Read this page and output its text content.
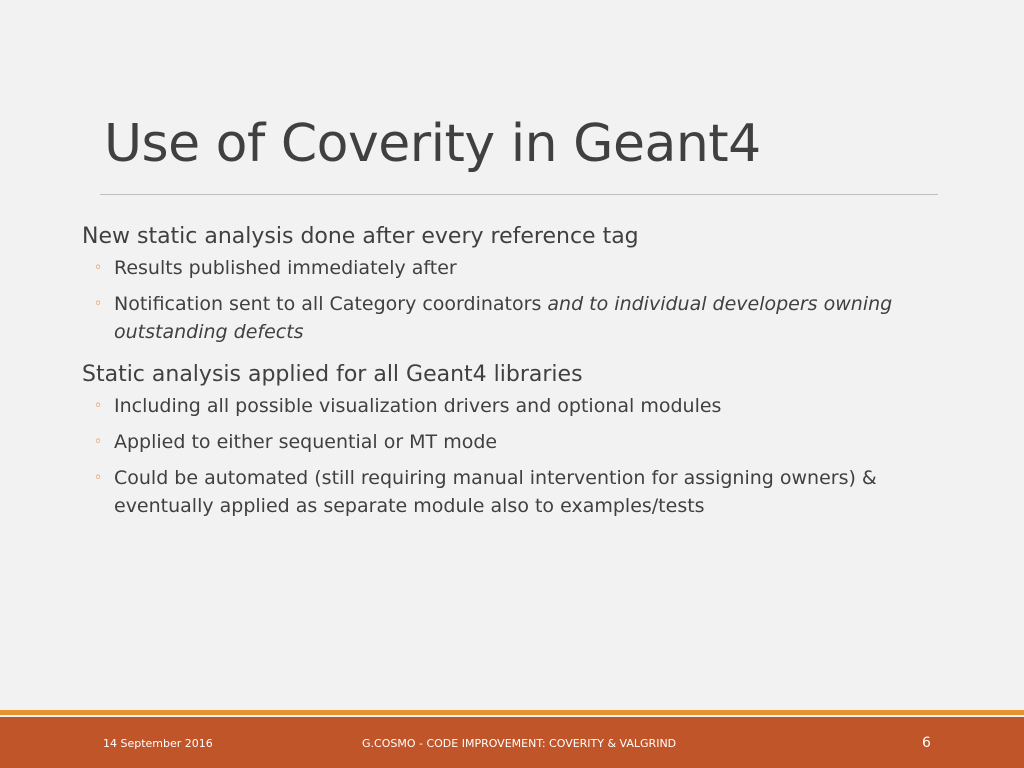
Use of Coverity in Geant4

New static analysis done after every reference tag

◦ Results published immediately after
◦ Notification sent to all Category coordinators and to individual developers owning outstanding defects

Static analysis applied for all Geant4 libraries

◦ Including all possible visualization drivers and optional modules
◦ Applied to either sequential or MT mode
◦ Could be automated (still requiring manual intervention for assigning owners) & eventually applied as separate module also to examples/tests
14 September 2016	G.COSMO - CODE IMPROVEMENT: COVERITY & VALGRIND	6
